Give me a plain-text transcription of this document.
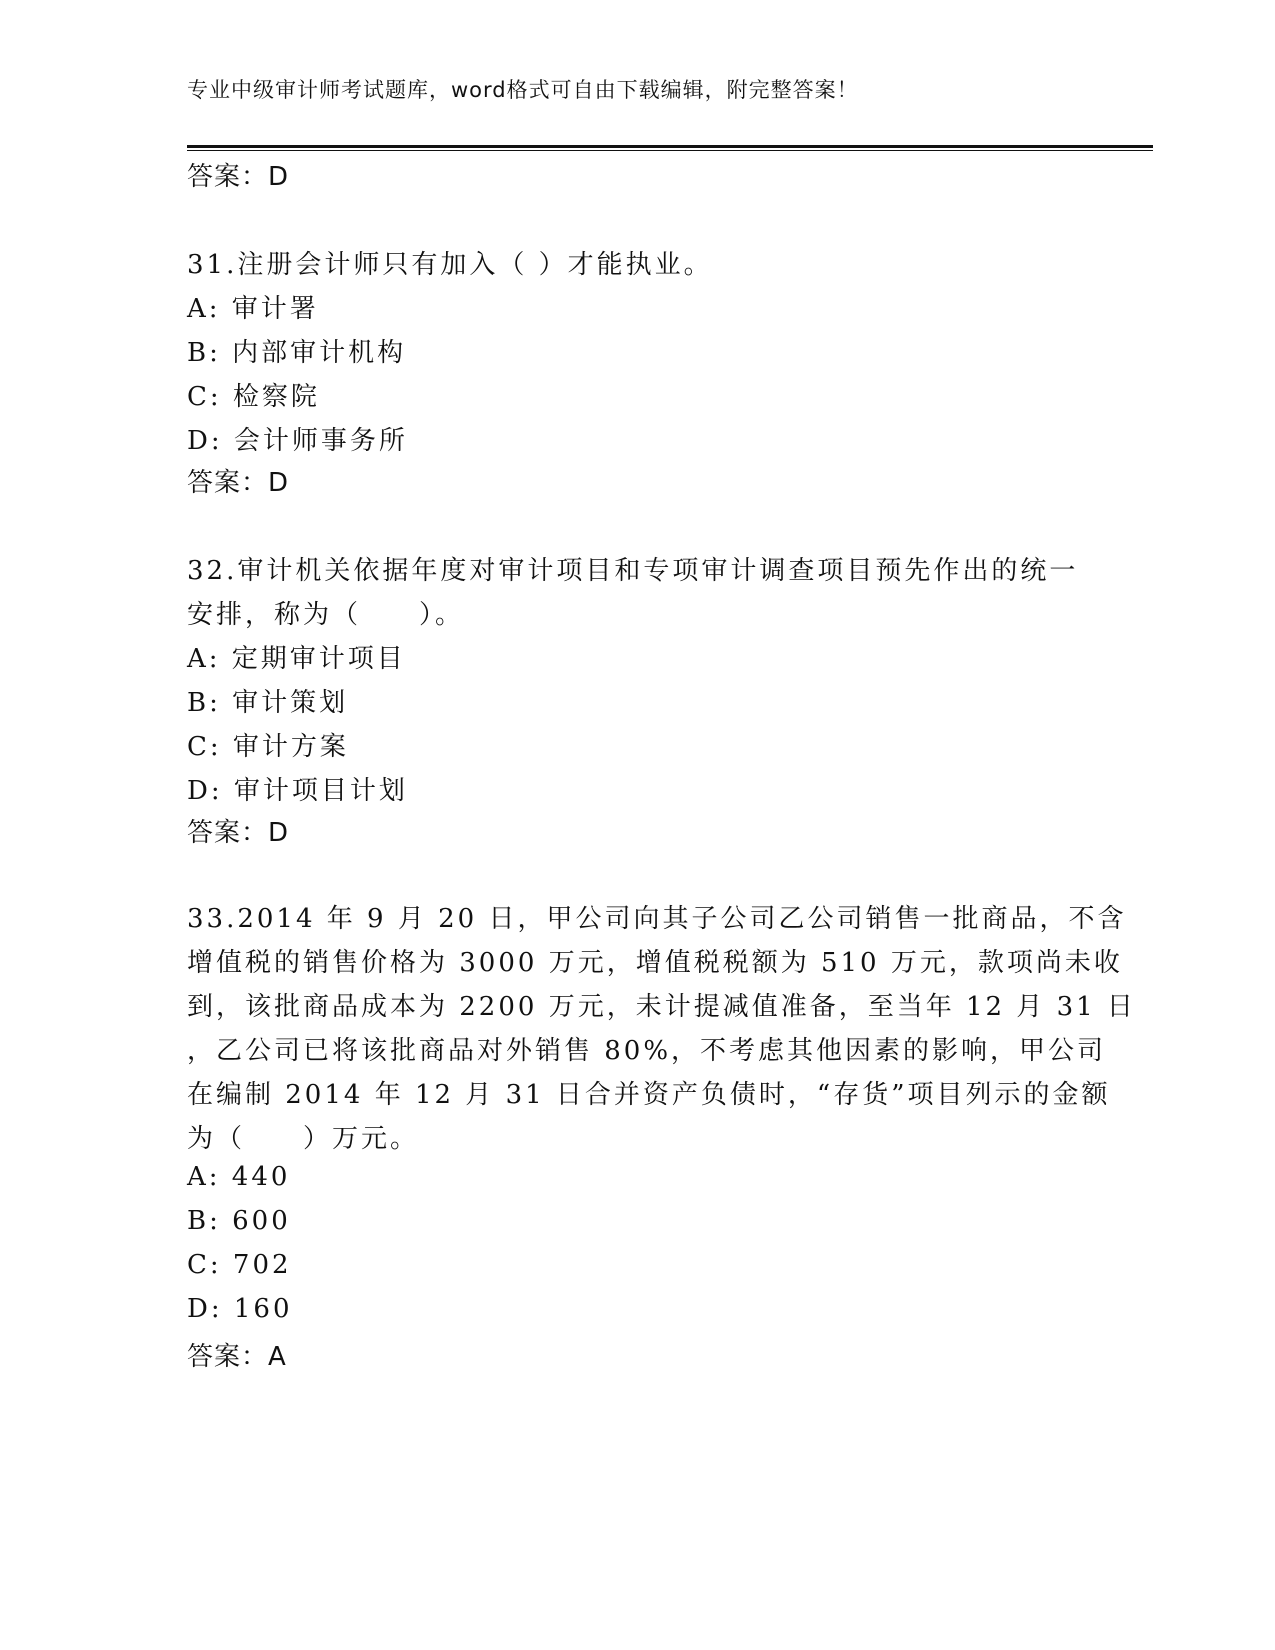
专业中级审计师考试题库，word格式可自由下载编辑，附完整答案！
答案：D
31.注册会计师只有加入（ ）才能执业。
A: 审计署
B: 内部审计机构
C: 检察院
D: 会计师事务所
答案：D
32.审计机关依据年度对审计项目和专项审计调查项目预先作出的统一
安排，称为（　　）。
A: 定期审计项目
B: 审计策划
C: 审计方案
D: 审计项目计划
答案：D
33.2014 年 9 月 20 日，甲公司向其子公司乙公司销售一批商品，不含
增值税的销售价格为 3000 万元，增值税税额为 510 万元，款项尚未收
到，该批商品成本为 2200 万元，未计提减值准备，至当年 12 月 31 日
，乙公司已将该批商品对外销售 80%，不考虑其他因素的影响，甲公司
在编制 2014 年 12 月 31 日合并资产负债时，“存货”项目列示的金额
为（　　）万元。
A: 440
B: 600
C: 702
D: 160
答案：A
